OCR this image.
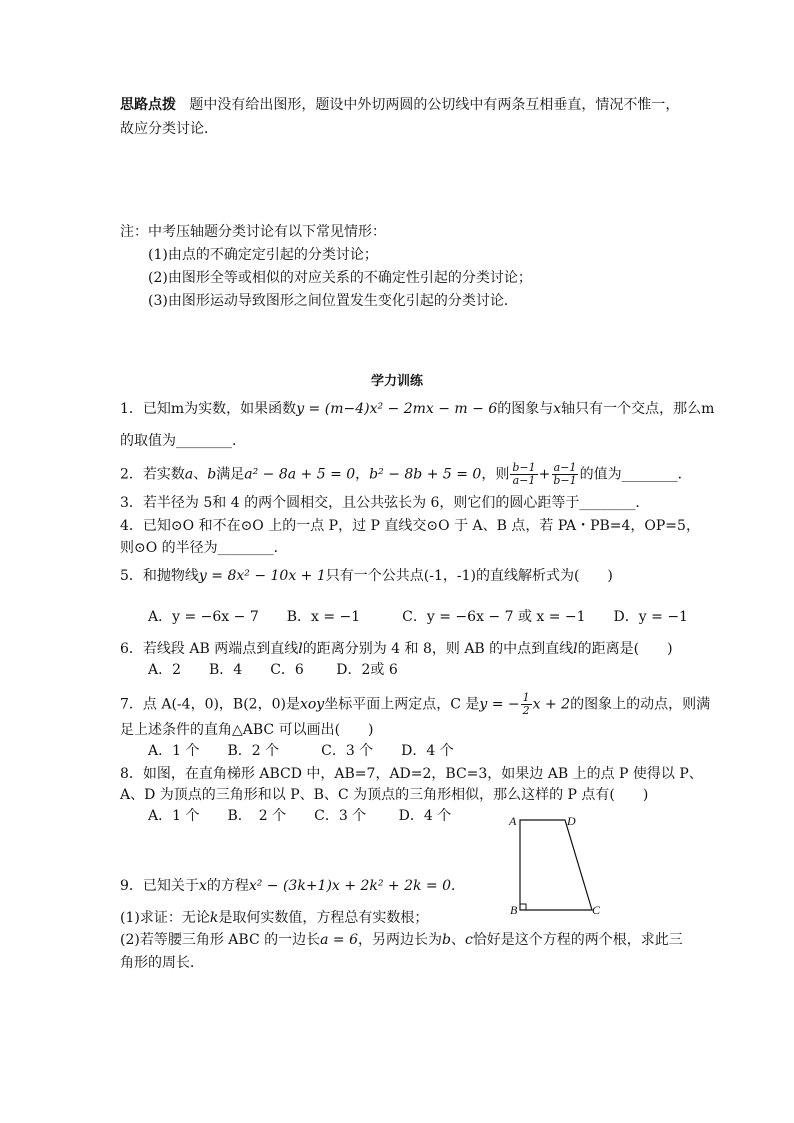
思路点拨 题中没有给出图形，题设中外切两圆的公切线中有两条互相垂直，情况不惟一，
故应分类讨论．
注：中考压轴题分类讨论有以下常见情形：
(1)由点的不确定定引起的分类讨论；
(2)由图形全等或相似的对应关系的不确定性引起的分类讨论；
(3)由图形运动导致图形之间位置发生变化引起的分类讨论．
学力训练
1．已知m为实数，如果函数y = (m−4)x² − 2mx − m − 6的图象与x轴只有一个交点，那么m
的取值为________．
2．若实数a、b满足a² − 8a + 5 = 0，b² − 8b + 5 = 0，则 $\frac{b-1}{a-1} + \frac{a-1}{b-1}$ 的值为________．
3．若半径为 5和 4 的两个圆相交，且公共弦长为 6，则它们的圆心距等于________．
4．已知⊙O 和不在⊙O 上的一点 P，过 P 直线交⊙O 于 A、B 点，若 PA・PB=4，OP=5，
则⊙O 的半径为________．
5．和抛物线y = 8x² − 10x + 1只有一个公共点(-1，-1)的直线解析式为(　　)
A．y = −6x − 7　　B．x = −1　　　C．y = −6x − 7 或 x = −1　　D．y = −1
6．若线段 AB 两端点到直线l的距离分别为 4 和 8，则 AB 的中点到直线l的距离是(　　)
A．2　　B．4　　C．6　　 D．2或 6
7．点 A(-4，0)，B(2，0)是xoy坐标平面上两定点，C 是y = − $\frac{1}{2}$ x + 2的图象上的动点，则满
足上述条件的直角△ABC 可以画出(　　)
A．1 个　　B．2 个　　　C．3 个　　D．4 个
8．如图，在直角梯形 ABCD 中，AB=7，AD=2，BC=3，如果边 AB 上的点 P 使得以 P、
A、D 为顶点的三角形和以 P、B、C 为顶点的三角形相似，那么这样的 P 点有(　　)
A．1 个　　B．　2 个　　C．3 个　　 D．4 个	A	D
B	C
9．已知关于x的方程x² − (3k+1)x + 2k² + 2k = 0．
(1)求证：无论k是取何实数值，方程总有实数根；
(2)若等腰三角形 ABC 的一边长a = 6，另两边长为b、c恰好是这个方程的两个根，求此三
角形的周长．
